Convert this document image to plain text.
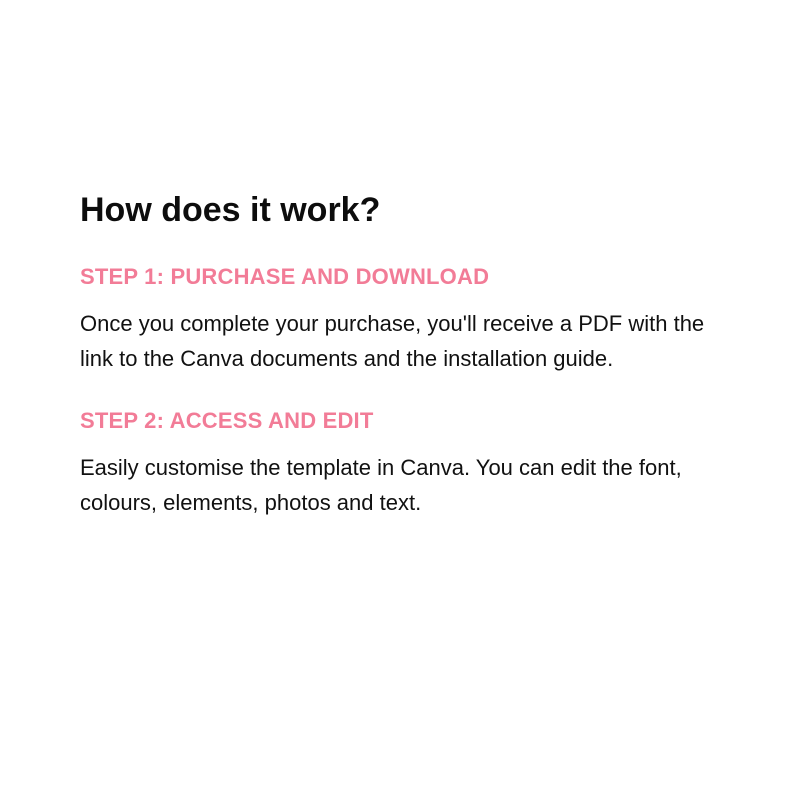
How does it work?
STEP 1: PURCHASE AND DOWNLOAD

Once you complete your purchase, you'll receive a PDF with the link to the Canva documents and the installation guide.

STEP 2: ACCESS AND EDIT

Easily customise the template in Canva. You can edit the font, colours, elements, photos and text.
